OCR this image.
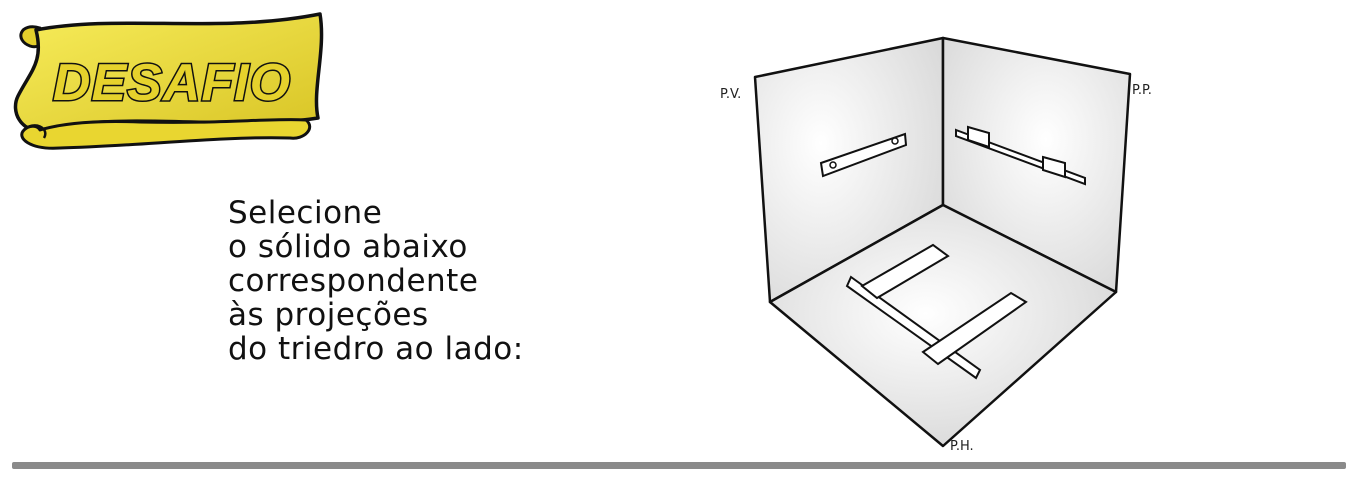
DESAFIO

Selecione
o sólido abaixo
correspondente
às projeções
do triedro ao lado:

P.V.	P.P.
P.H.
